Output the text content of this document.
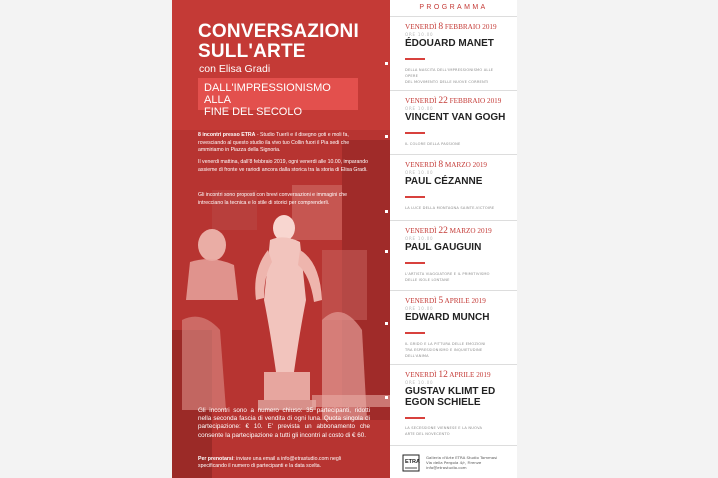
CONVERSAZIONI
SULL'ARTE
con Elisa Gradi
DALL'IMPRESSIONISMO ALLA
FINE DEL SECOLO
8 incontri presso ETRA - Studio Tuerli e il disegno goti e moli fa, rovesciando al questo studio ila vivo tuo Collin fuori il Pia sedi che ammiriamo in Piazza della Signoria.
Il venerdi mattina, dall'8 febbraio 2019, ogni venerdi alle 10.00, imparando assieme di fronte ve rariodi ancora dalla storica tra la storia di Elisa Gradi.
Gli incontri sono proposti con brevi conversazioni e immagini che intrecciano la tecnica e lo stile di storici per comprenderli.
Gli incontri sono a numero chiuso: 35 partecipanti, ridotti nella seconda fascia di vendita di ogni luna. Quota singola di partecipazione: € 10. E' prevista un abbonamento che consente la partecipazione a tutti gli incontri al costo di € 60.
Per prenotarsi: inviare una email a info@etrastudio.com negli specificando il numero di partecipanti e la data scelta.
PROGRAMMA
VENERDÌ 8 FEBBRAIO 2019
ORE 10.00
ÉDOUARD MANET
DELLA NASCITA DELL'IMPRESSIONISMO ALLE OPERE
DEL MOVIMENTO DELLE NUOVE CORRENTI
VENERDÌ 22 FEBBRAIO 2019
ORE 10.00
VINCENT VAN GOGH
IL COLORE DELLA PASSIONE
VENERDÌ 8 MARZO 2019
ORE 10.00
PAUL CÉZANNE
LA LUCE DELLA MONTAGNA SAINTE-VICTOIRE
VENERDÌ 22 MARZO 2019
ORE 10.00
PAUL GAUGUIN
L'ARTISTA VIAGGIATORE E IL PRIMITIVISMO
DELLE ISOLE LONTANE
VENERDÌ 5 APRILE 2019
ORE 10.00
EDWARD MUNCH
IL GRIDO E LA PITTURA DELLE EMOZIONI
TRA ESPRESSIONISMO E INQUIETUDINE DELL'ANIMA
VENERDÌ 12 APRILE 2019
ORE 10.00
GUSTAV KLIMT ED
EGON SCHIELE
LA SECESSIONE VIENNESE E LA NUOVA
ARTE DEL NOVECENTO
ETRA
Galleria d'Arte ETRA Studio Tommasi
Via della Pergola 4/r, Firenze
info@etrastudio.com
